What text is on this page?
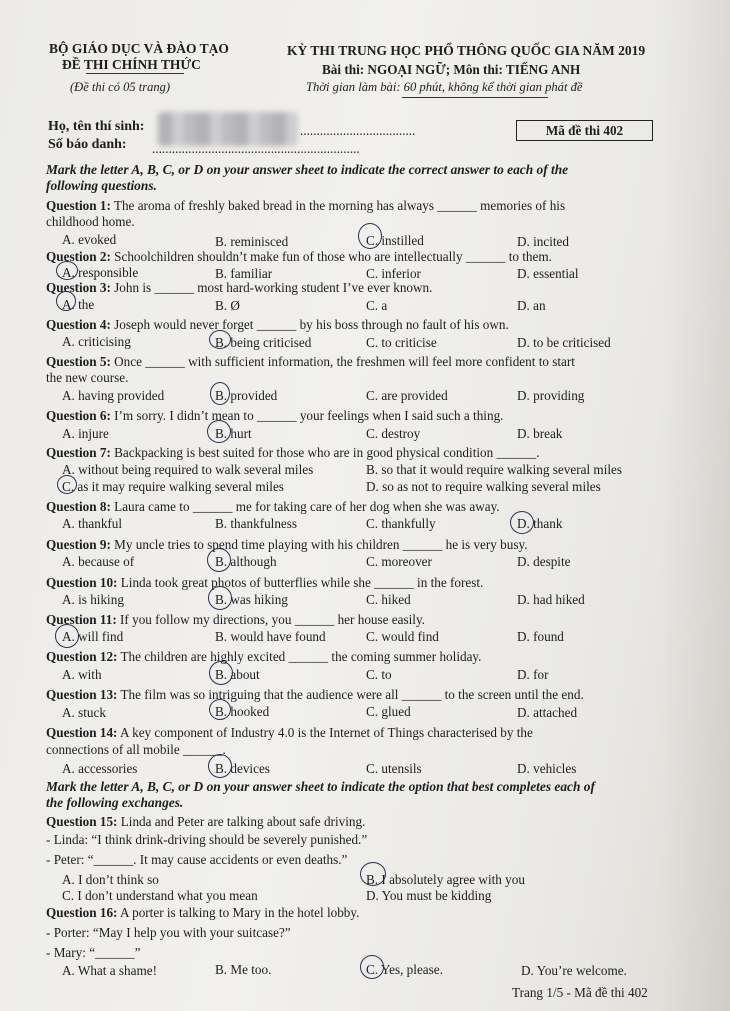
BỘ GIÁO DỤC VÀ ĐÀO TẠO
ĐỀ THI CHÍNH THỨC
(Đề thi có 05 trang)
KỲ THI TRUNG HỌC PHỔ THÔNG QUỐC GIA NĂM 2019
Bài thi: NGOẠI NGỮ; Môn thi: TIẾNG ANH
Thời gian làm bài: 60 phút, không kể thời gian phát đề
Họ, tên thí sinh:	...................................
Số báo danh: ...............................................................
Mã đề thi 402
Mark the letter A, B, C, or D on your answer sheet to indicate the correct answer to each of the
following questions.
Question 1: The aroma of freshly baked bread in the morning has always ______ memories of his
childhood home.
A. evoked	B. reminisced	C. instilled	D. incited
Question 2: Schoolchildren shouldn’t make fun of those who are intellectually ______ to them.
A. responsible	B. familiar	C. inferior	D. essential
Question 3: John is ______ most hard-working student I’ve ever known.
A. the	B. Ø	C. a	D. an
Question 4: Joseph would never forget ______ by his boss through no fault of his own.
A. criticising	B. being criticised	C. to criticise	D. to be criticised
Question 5: Once ______ with sufficient information, the freshmen will feel more confident to start
the new course.
A. having provided	B. provided	C. are provided	D. providing
Question 6: I’m sorry. I didn’t mean to ______ your feelings when I said such a thing.
A. injure	B. hurt	C. destroy	D. break
Question 7: Backpacking is best suited for those who are in good physical condition ______.
A. without being required to walk several miles	B. so that it would require walking several miles
C. as it may require walking several miles	D. so as not to require walking several miles
Question 8: Laura came to ______ me for taking care of her dog when she was away.
A. thankful	B. thankfulness	C. thankfully	D. thank
Question 9: My uncle tries to spend time playing with his children ______ he is very busy.
A. because of	B. although	C. moreover	D. despite
Question 10: Linda took great photos of butterflies while she ______ in the forest.
A. is hiking	B. was hiking	C. hiked	D. had hiked
Question 11: If you follow my directions, you ______ her house easily.
A. will find	B. would have found	C. would find	D. found
Question 12: The children are highly excited ______ the coming summer holiday.
A. with	B. about	C. to	D. for
Question 13: The film was so intriguing that the audience were all ______ to the screen until the end.
A. stuck	B. hooked	C. glued	D. attached
Question 14: A key component of Industry 4.0 is the Internet of Things characterised by the
connections of all mobile ______.
A. accessories	B. devices	C. utensils	D. vehicles
Mark the letter A, B, C, or D on your answer sheet to indicate the option that best completes each of
the following exchanges.
Question 15: Linda and Peter are talking about safe driving.
- Linda: “I think drink-driving should be severely punished.”
- Peter: “______. It may cause accidents or even deaths.”
A. I don’t think so	B. I absolutely agree with you
C. I don’t understand what you mean	D. You must be kidding
Question 16: A porter is talking to Mary in the hotel lobby.
- Porter: “May I help you with your suitcase?”
- Mary: “______”
A. What a shame!	B. Me too.	C. Yes, please.	D. You’re welcome.
Trang 1/5 - Mã đề thi 402
